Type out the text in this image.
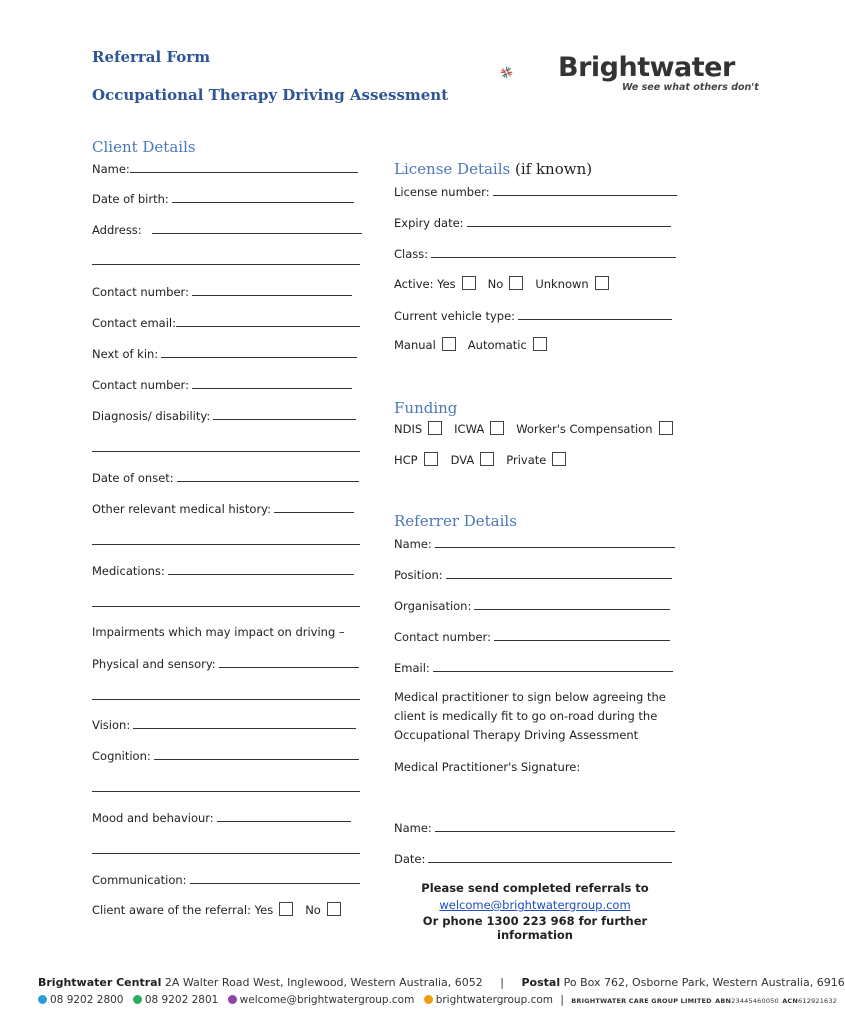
Referral Form
Occupational Therapy Driving Assessment
Brightwater
We see what others don't
Client Details
Name:
Date of birth:
Address:
Contact number:
Contact email:
Next of kin:
Contact number:
Diagnosis/ disability:
Date of onset:
Other relevant medical history:
Medications:
Impairments which may impact on driving –
Physical and sensory:
Vision:
Cognition:
Mood and behaviour:
Communication:
Client aware of the referral: Yes	No
License Details (if known)
License number:
Expiry date:
Class:
Active: Yes	No	Unknown
Current vehicle type:
Manual	Automatic
Funding
NDIS	ICWA	Worker's Compensation
HCP	DVA	Private
Referrer Details
Name:
Position:
Organisation:
Contact number:
Email:
Medical practitioner to sign below agreeing the
client is medically fit to go on-road during the
Occupational Therapy Driving Assessment
Medical Practitioner's Signature:
Name:
Date:
Please send completed referrals to
welcome@brightwatergroup.com
Or phone 1300 223 968 for further information
Brightwater Central 2A Walter Road West, Inglewood, Western Australia, 6052 | Postal Po Box 762, Osborne Park, Western Australia, 6916
08 9202 2800 08 9202 2801 welcome@brightwatergroup.com brightwatergroup.com | BRIGHTWATER CARE GROUP LIMITED ABN23445460050 ACN612921632
